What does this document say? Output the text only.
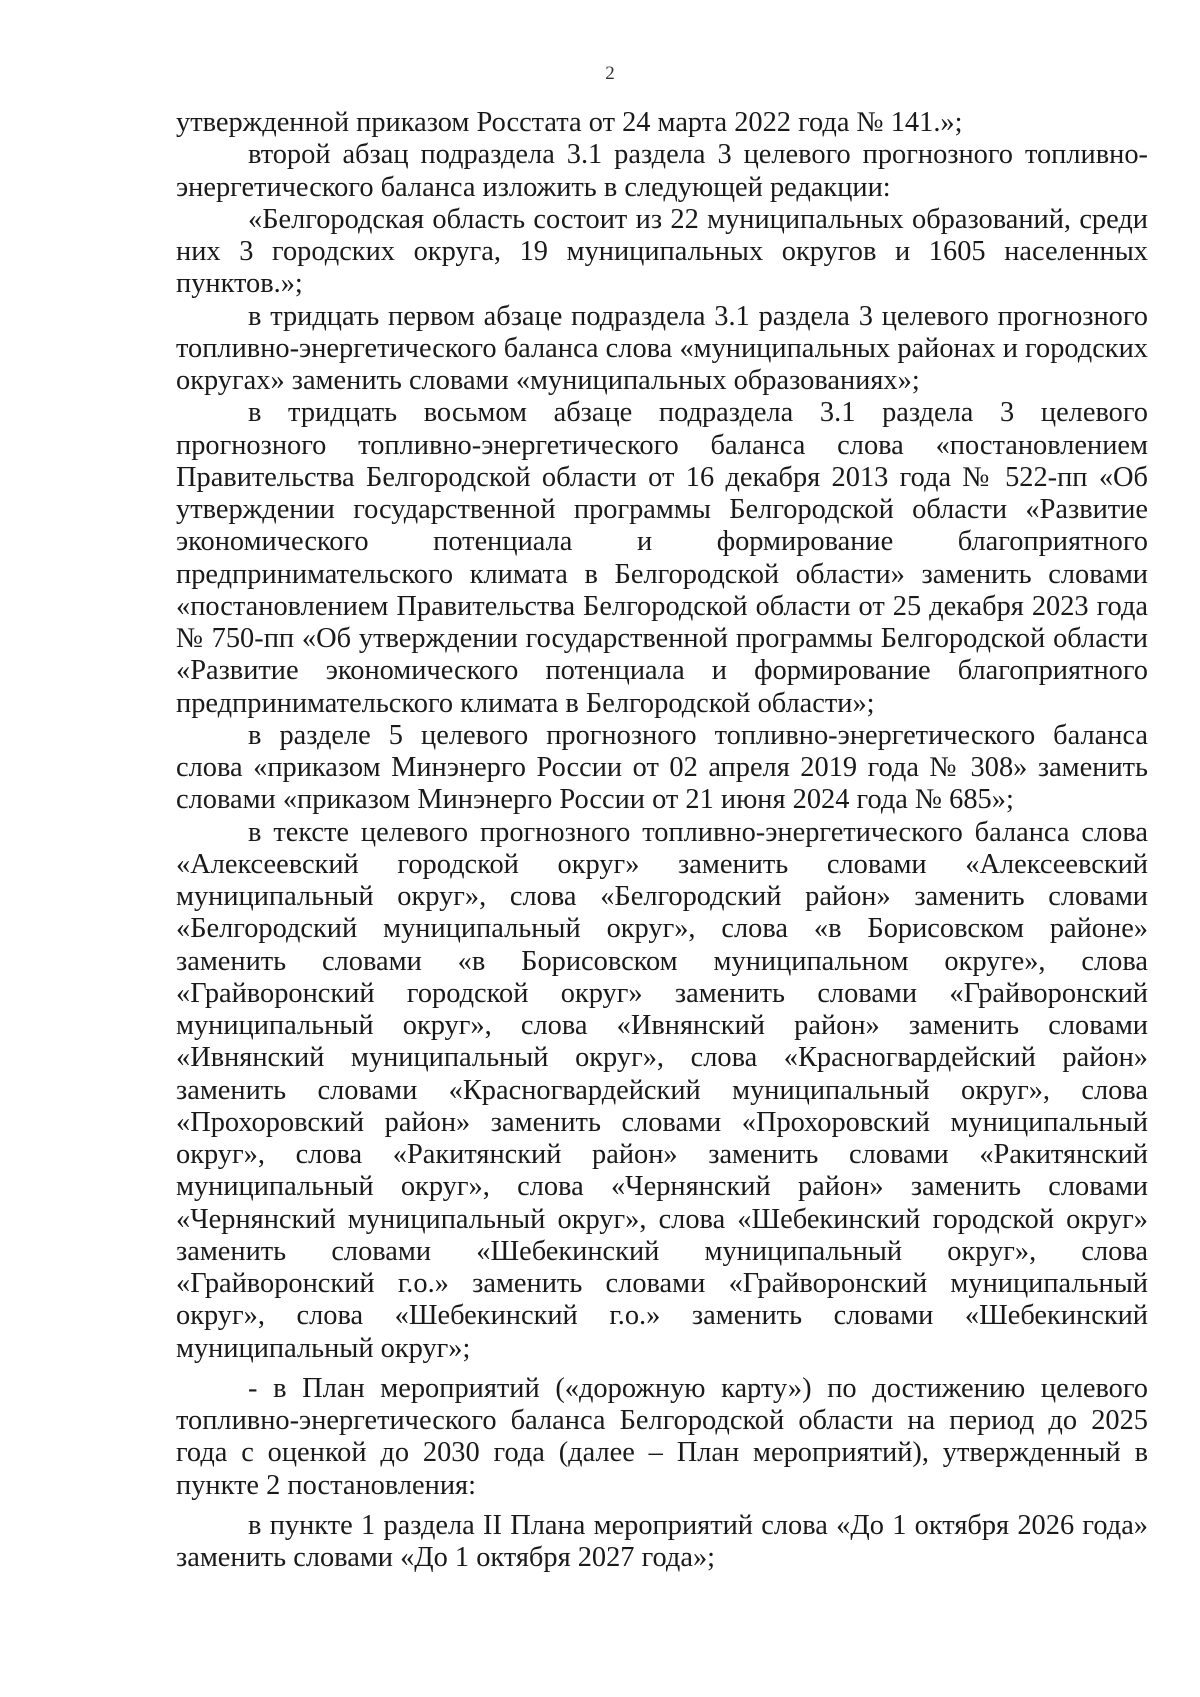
2

утвержденной приказом Росстата от 24 марта 2022 года № 141.»;

второй абзац подраздела 3.1 раздела 3 целевого прогнозного топливно-энергетического баланса изложить в следующей редакции:

«Белгородская область состоит из 22 муниципальных образований, среди них 3 городских округа, 19 муниципальных округов и 1605 населенных пунктов.»;

в тридцать первом абзаце подраздела 3.1 раздела 3 целевого прогнозного топливно-энергетического баланса слова «муниципальных районах и городских округах» заменить словами «муниципальных образованиях»;

в тридцать восьмом абзаце подраздела 3.1 раздела 3 целевого прогнозного топливно-энергетического баланса слова «постановлением Правительства Белгородской области от 16 декабря 2013 года № 522-пп «Об утверждении государственной программы Белгородской области «Развитие экономического потенциала и формирование благоприятного предпринимательского климата в Белгородской области» заменить словами «постановлением Правительства Белгородской области от 25 декабря 2023 года № 750-пп «Об утверждении государственной программы Белгородской области «Развитие экономического потенциала и формирование благоприятного предпринимательского климата в Белгородской области»;

в разделе 5 целевого прогнозного топливно-энергетического баланса слова «приказом Минэнерго России от 02 апреля 2019 года № 308» заменить словами «приказом Минэнерго России от 21 июня 2024 года № 685»;

в тексте целевого прогнозного топливно-энергетического баланса слова «Алексеевский городской округ» заменить словами «Алексеевский муниципальный округ», слова «Белгородский район» заменить словами «Белгородский муниципальный округ», слова «в Борисовском районе» заменить словами «в Борисовском муниципальном округе», слова «Грайворонский городской округ» заменить словами «Грайворонский муниципальный округ», слова «Ивнянский район» заменить словами «Ивнянский муниципальный округ», слова «Красногвардейский район» заменить словами «Красногвардейский муниципальный округ», слова «Прохоровский район» заменить словами «Прохоровский муниципальный округ», слова «Ракитянский район» заменить словами «Ракитянский муниципальный округ», слова «Чернянский район» заменить словами «Чернянский муниципальный округ», слова «Шебекинский городской округ» заменить словами «Шебекинский муниципальный округ», слова «Грайворонский г.о.» заменить словами «Грайворонский муниципальный округ», слова «Шебекинский г.о.» заменить словами «Шебекинский муниципальный округ»;

- в План мероприятий («дорожную карту») по достижению целевого топливно-энергетического баланса Белгородской области на период до 2025 года с оценкой до 2030 года (далее – План мероприятий), утвержденный в пункте 2 постановления:

в пункте 1 раздела II Плана мероприятий слова «До 1 октября 2026 года» заменить словами «До 1 октября 2027 года»;
